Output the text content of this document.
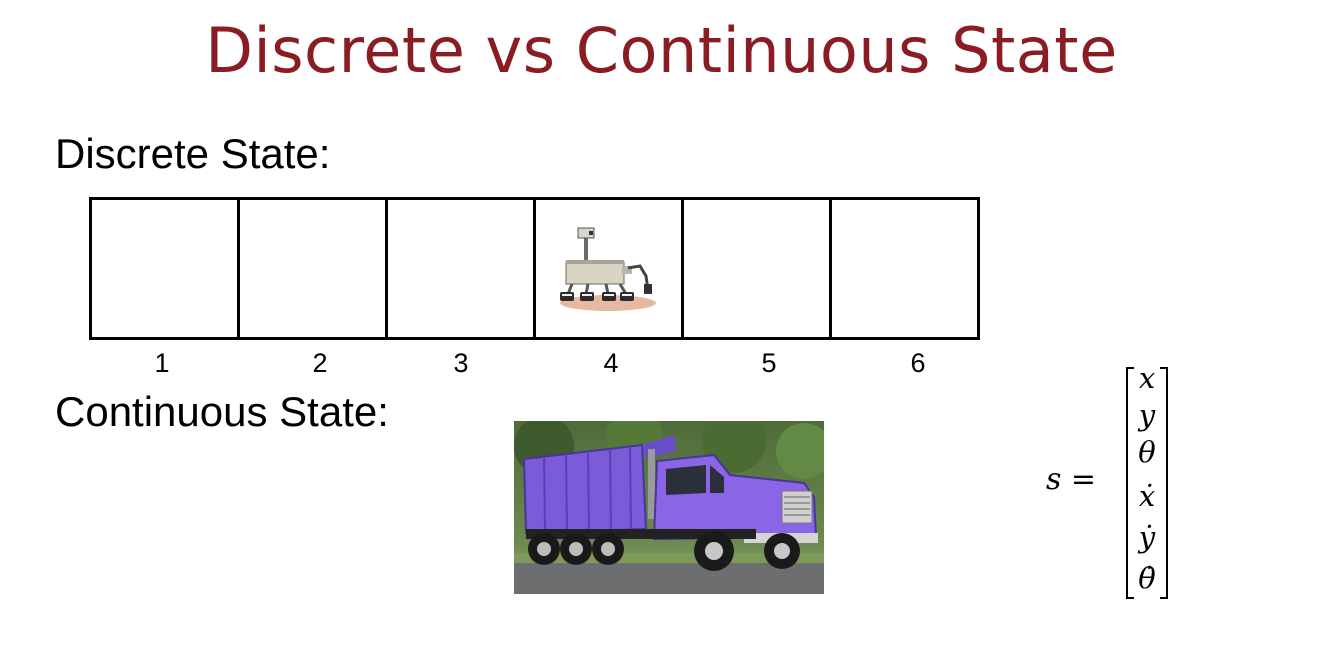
Discrete vs Continuous State
Discrete State:
1	2	3	4	5	6
Continuous State:
s =
x
y
θ
ẋ
ẏ
θ̇
